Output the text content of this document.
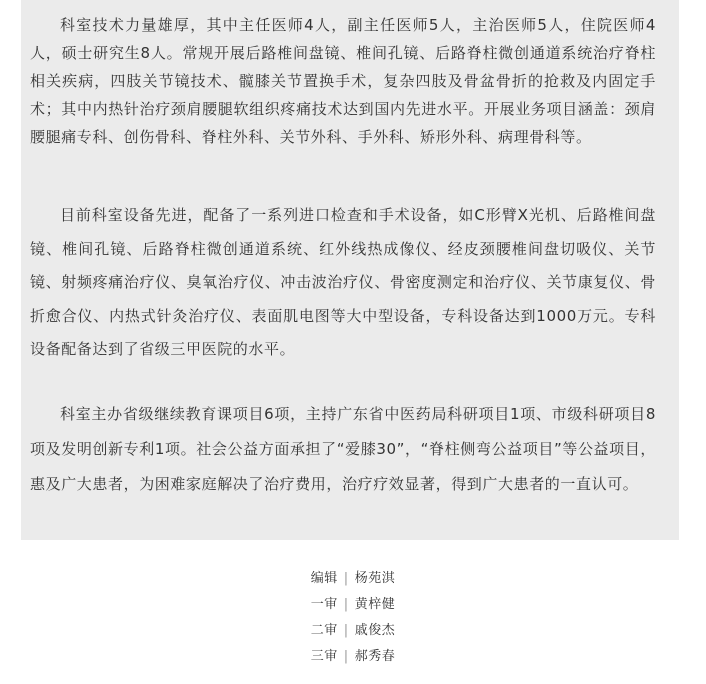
科室技术力量雄厚，其中主任医师4人，副主任医师5人，主治医师5人，住院医师4人，硕士研究生8人。常规开展后路椎间盘镜、椎间孔镜、后路脊柱微创通道系统治疗脊柱相关疾病，四肢关节镜技术、髋膝关节置换手术，复杂四肢及骨盆骨折的抢救及内固定手术；其中内热针治疗颈肩腰腿软组织疼痛技术达到国内先进水平。开展业务项目涵盖：颈肩腰腿痛专科、创伤骨科、脊柱外科、关节外科、手外科、矫形外科、病理骨科等。

目前科室设备先进，配备了一系列进口检查和手术设备，如C形臂X光机、后路椎间盘镜、椎间孔镜、后路脊柱微创通道系统、红外线热成像仪、经皮颈腰椎间盘切吸仪、关节镜、射频疼痛治疗仪、臭氧治疗仪、冲击波治疗仪、骨密度测定和治疗仪、关节康复仪、骨折愈合仪、内热式针灸治疗仪、表面肌电图等大中型设备，专科设备达到1000万元。专科设备配备达到了省级三甲医院的水平。

科室主办省级继续教育课项目6项，主持广东省中医药局科研项目1项、市级科研项目8项及发明创新专利1项。社会公益方面承担了“爱膝30”，“脊柱侧弯公益项目”等公益项目，惠及广大患者，为困难家庭解决了治疗费用，治疗疗效显著，得到广大患者的一直认可。

编辑 | 杨苑淇
一审 | 黄梓健
二审 | 戚俊杰
三审 | 郝秀春
